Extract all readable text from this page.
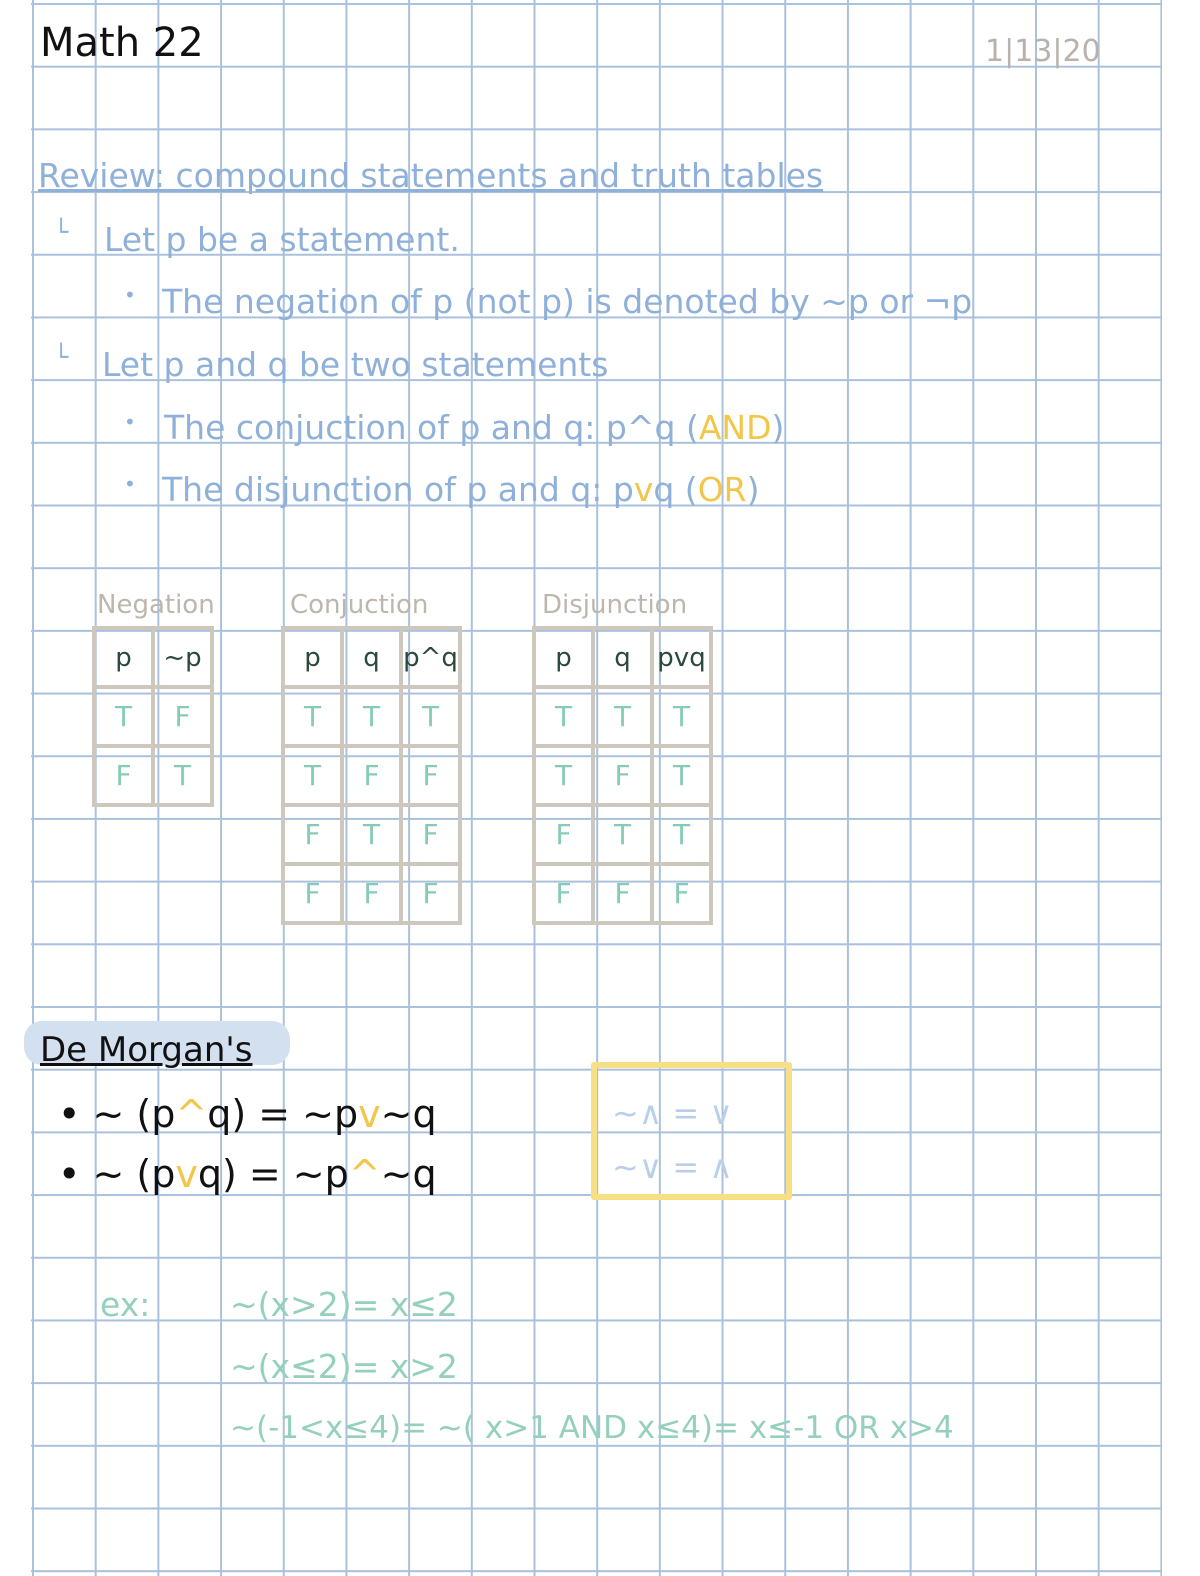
Math 22	1|13|20
Review: compound statements and truth tables
└ Let p be a statement.
• The negation of p (not p) is denoted by ~p or ¬p
└ Let p and q be two statements
• The conjuction of p and q: p^q (AND)
• The disjunction of p and q: pvq (OR)
Negation
p	~p
T	F
F	T
Conjuction
p	q	p^q
T	T	T
T	F	F
F	T	F
F	F	F
Disjunction
p	q	pvq
T	T	T
T	F	T
F	T	T
F	F	F
De Morgan's
• ~ (p^q) = ~pv~q
• ~ (pvq) = ~p^~q
~∧ = ∨
~∨ = ∧
ex: ~(x>2)= x≤2
~(x≤2)= x>2
~(-1<x≤4)= ~( x>1 AND x≤4)= x≤-1 OR x>4
